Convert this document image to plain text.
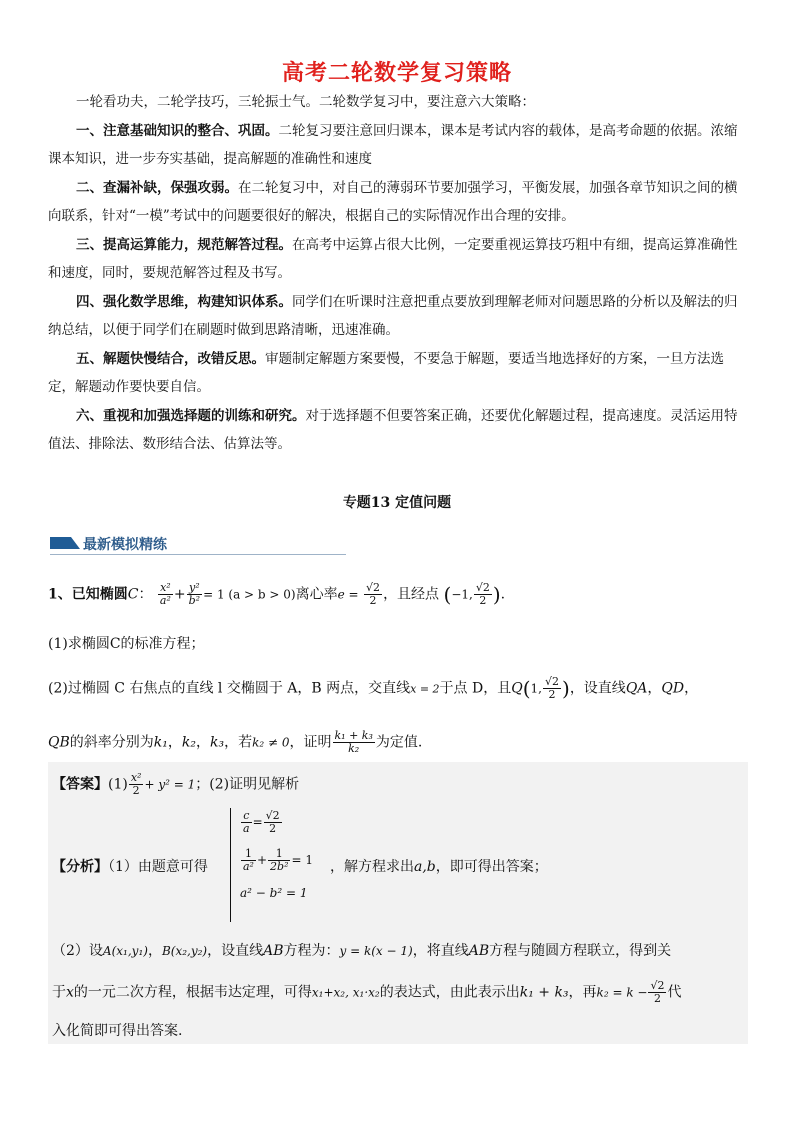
高考二轮数学复习策略

一轮看功夫，二轮学技巧，三轮振士气。二轮数学复习中，要注意六大策略：

一、注意基础知识的整合、巩固。二轮复习要注意回归课本，课本是考试内容的载体，是高考命题的依据。浓缩课本知识，进一步夯实基础，提高解题的准确性和速度

二、查漏补缺，保强攻弱。在二轮复习中，对自己的薄弱环节要加强学习，平衡发展，加强各章节知识之间的横向联系，针对“一模”考试中的问题要很好的解决，根据自己的实际情况作出合理的安排。

三、提高运算能力，规范解答过程。在高考中运算占很大比例，一定要重视运算技巧粗中有细，提高运算准确性和速度，同时，要规范解答过程及书写。

四、强化数学思维，构建知识体系。同学们在听课时注意把重点要放到理解老师对问题思路的分析以及解法的归纳总结，以便于同学们在刷题时做到思路清晰，迅速准确。

五、解题快慢结合，改错反思。审题制定解题方案要慢，不要急于解题，要适当地选择好的方案，一旦方法选定，解题动作要快要自信。

六、重视和加强选择题的训练和研究。对于选择题不但要答案正确，还要优化解题过程，提高速度。灵活运用特值法、排除法、数形结合法、估算法等。

专题13 定值问题
最新模拟精练
1、已知椭圆C： $\frac{\text{x²}}{\text{a²}} + \frac{\text{y²}}{\text{b²}} = 1$ (a > b > 0)离心率$e = \frac{√2}{2}$ ，且经点 (−1, $\frac{√2}{2}$ ).
(1)求椭圆C的标准方程；
(2)过椭圆 C 右焦点的直线 l 交椭圆于 A，B 两点，交直线x = 2于点 D，且Q(1, $\frac{√2}{2}$ )，设直线QA，QD，
QB的斜率分别为k₁，k₂，k₃，若k₂ ≠ 0，证明 $\frac{\text{k₁ + k₃}}{\text{k₂}}$ 为定值.
【答案】$(1) \frac{\text{x²}}{2} + y^2 = 1$；(2)证明见解析
【分析】（1）由题意可得
$\frac{c}{a} = \frac{√2}{2}$
$\frac{1}{\text{a²}} + \frac{1}{\text{2b²}} = 1$
a² − b² = 1
，解方程求出a,b，即可得出答案；
（2）设A(x₁,y₁)，B(x₂,y₂)，设直线AB方程为：y = k(x − 1)，将直线AB方程与随圆方程联立，得到关
于x的一元二次方程，根据韦达定理，可得x₁+x₂, x₁·x₂的表达式，由此表示出k₁ + k₃，再$k_2 = k - \frac{√2}{2}$ 代
入化简即可得出答案.
